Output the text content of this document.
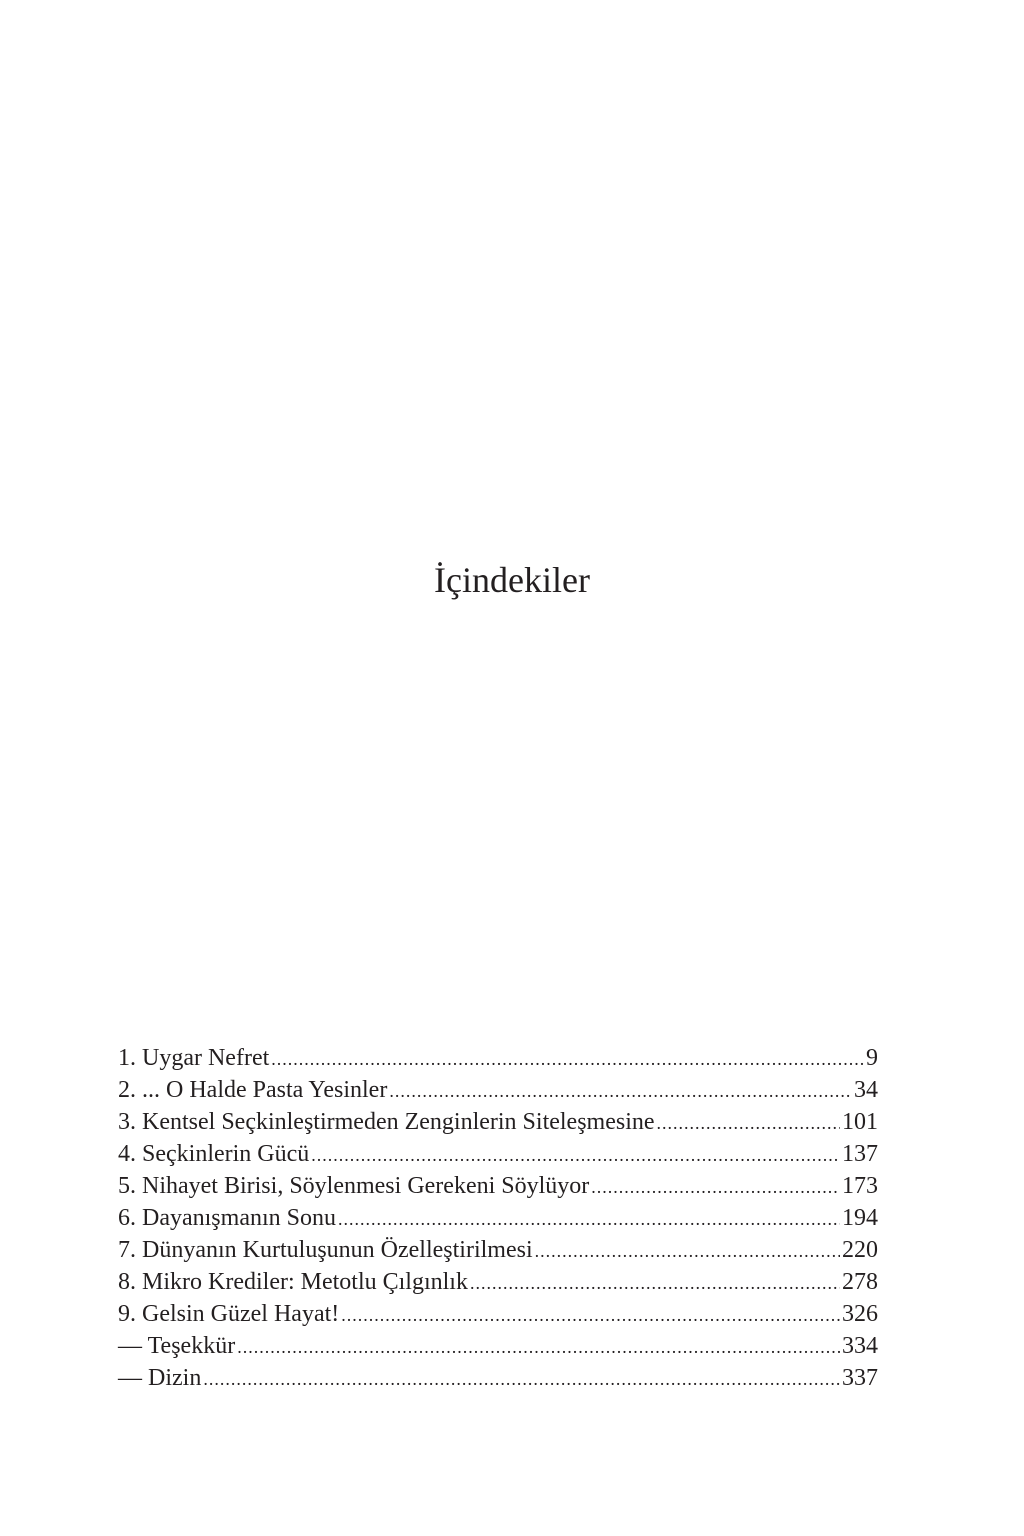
İçindekiler
1. Uygar Nefret .....	9
2. ... O Halde Pasta Yesinler .....	34
3. Kentsel Seçkinleştirmeden Zenginlerin Siteleşmesine .....	101
4. Seçkinlerin Gücü .....	137
5. Nihayet Birisi, Söylenmesi Gerekeni Söylüyor .....	173
6. Dayanışmanın Sonu .....	194
7. Dünyanın Kurtuluşunun Özelleştirilmesi .....	220
8. Mikro Krediler: Metotlu Çılgınlık .....	278
9. Gelsin Güzel Hayat! .....	326
— Teşekkür .....	334
— Dizin .....	337
